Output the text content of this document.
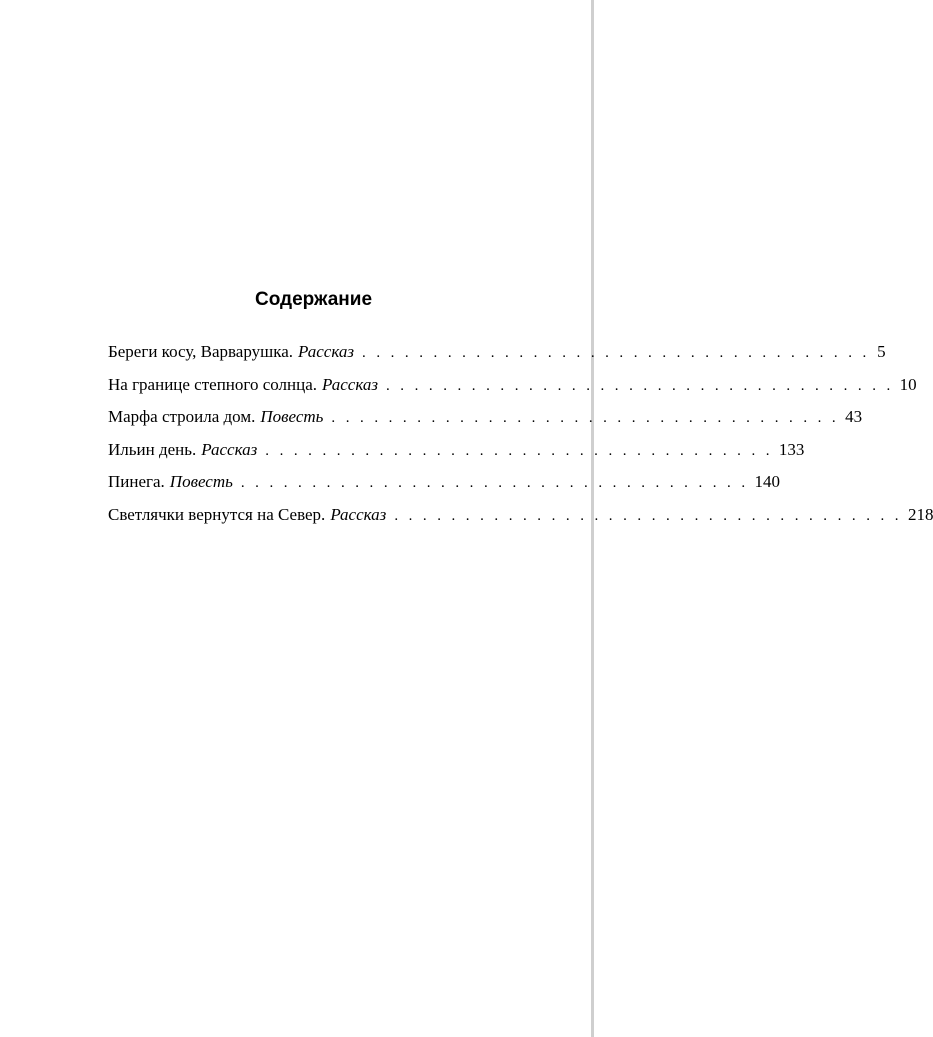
Содержание
Береги косу, Варварушка. Рассказ . . . . . . . . . . . . . . . . . . . . . . . . . . . . . . . . . . . . 5
На границе степного солнца. Рассказ . . . . . . . . . . . . . . . . . . . . . . . . . . . . . . . . . . . . 10
Марфа строила дом. Повесть . . . . . . . . . . . . . . . . . . . . . . . . . . . . . . . . . . . . 43
Ильин день. Рассказ . . . . . . . . . . . . . . . . . . . . . . . . . . . . . . . . . . . . 133
Пинега. Повесть . . . . . . . . . . . . . . . . . . . . . . . . . . . . . . . . . . . . 140
Светлячки вернутся на Север. Рассказ . . . . . . . . . . . . . . . . . . . . . . . . . . . . . . . . . . . . 218
